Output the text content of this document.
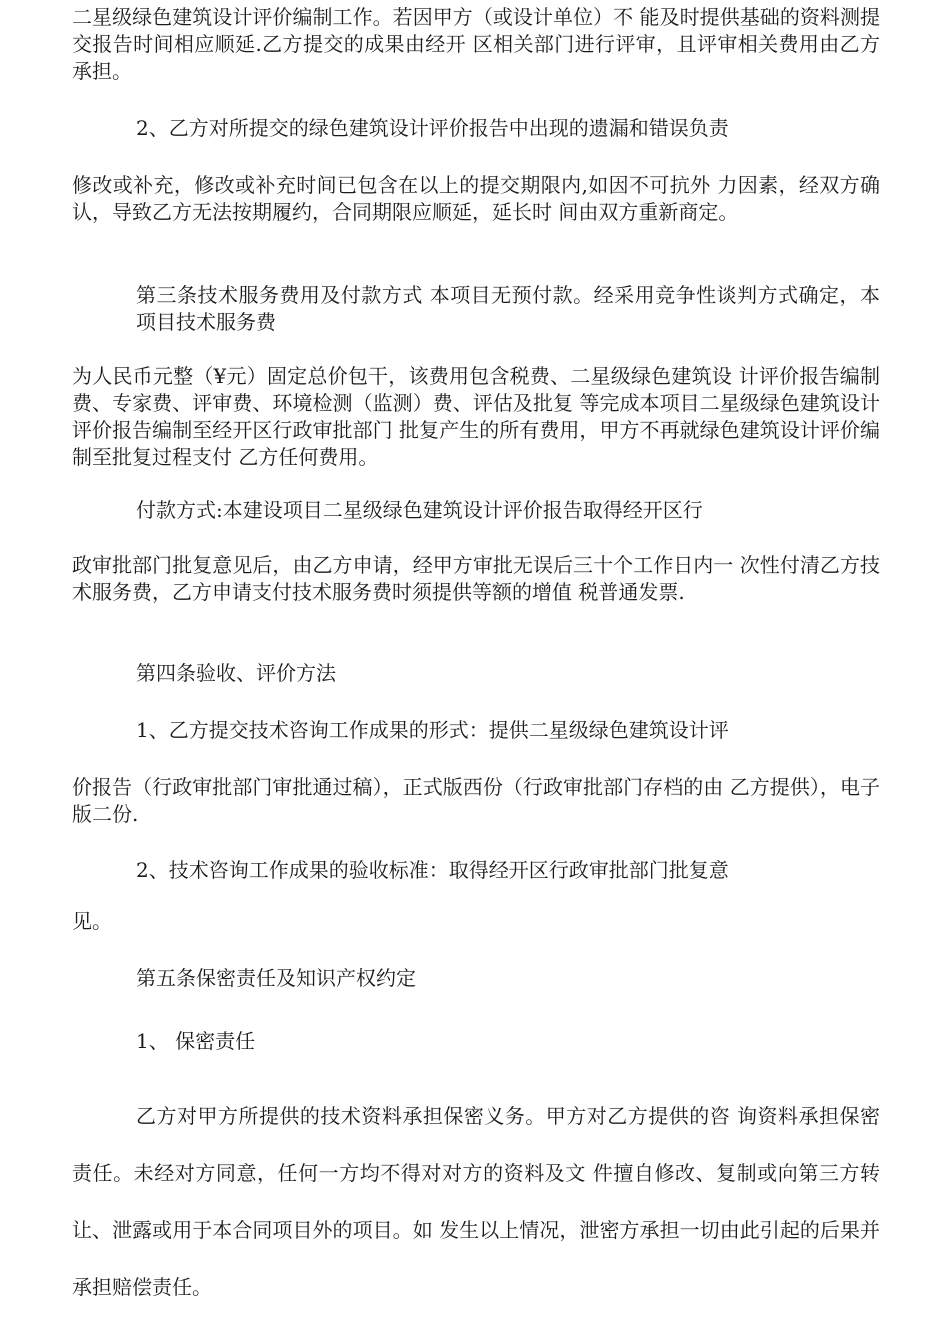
二星级绿色建筑设计评价编制工作。若因甲方（或设计单位）不 能及时提供基础的资料测提交报告时间相应顺延.乙方提交的成果由经开 区相关部门进行评审，且评审相关费用由乙方承担。
2、乙方对所提交的绿色建筑设计评价报告中出现的遗漏和错误负责
修改或补充，修改或补充时间已包含在以上的提交期限内,如因不可抗外 力因素，经双方确认，导致乙方无法按期履约，合同期限应顺延，延长时 间由双方重新商定。
第三条技术服务费用及付款方式 本项目无预付款。经采用竞争性谈判方式确定，本项目技术服务费
为人民币元整（¥元）固定总价包干，该费用包含税费、二星级绿色建筑设 计评价报告编制费、专家费、评审费、环境检测（监测）费、评估及批复 等完成本项目二星级绿色建筑设计评价报告编制至经开区行政审批部门 批复产生的所有费用，甲方不再就绿色建筑设计评价编制至批复过程支付 乙方任何费用。
付款方式:本建设项目二星级绿色建筑设计评价报告取得经开区行
政审批部门批复意见后，由乙方申请，经甲方审批无误后三十个工作日内一 次性付清乙方技术服务费，乙方申请支付技术服务费时须提供等额的增值 税普通发票.
第四条验收、评价方法
1、乙方提交技术咨询工作成果的形式：提供二星级绿色建筑设计评
价报告（行政审批部门审批通过稿），正式版西份（行政审批部门存档的由 乙方提供），电子版二份.
2、技术咨询工作成果的验收标准：取得经开区行政审批部门批复意
见。
第五条保密责任及知识产权约定
1、 保密责任
乙方对甲方所提供的技术资料承担保密义务。甲方对乙方提供的咨 询资料承担保密责任。未经对方同意，任何一方均不得对对方的资料及文 件擅自修改、复制或向第三方转让、泄露或用于本合同项目外的项目。如 发生以上情况，泄密方承担一切由此引起的后果并承担赔偿责任。
